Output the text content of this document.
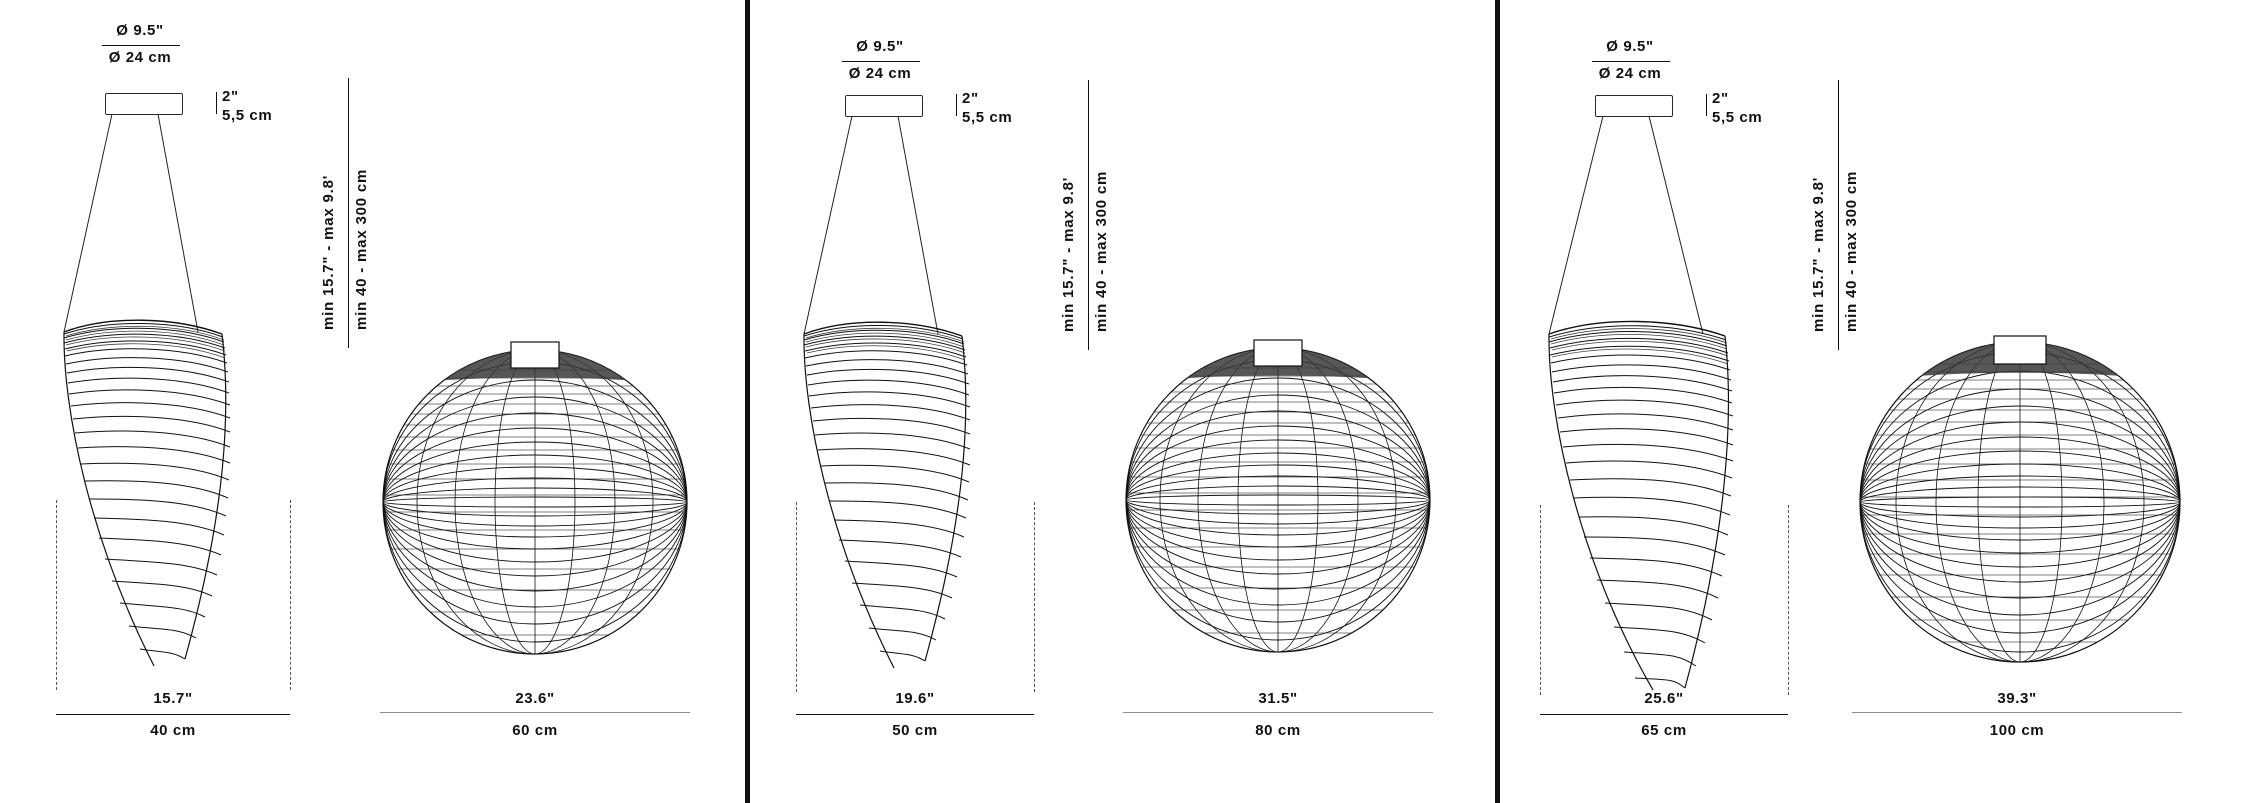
Ø 9.5"
Ø 24 cm
2"
5,5 cm
min 15.7" - max 9.8' min 40 - max 300 cm
15.7"
40 cm
23.6"
60 cm
Ø 9.5"
Ø 24 cm
2"
5,5 cm
min 15.7" - max 9.8' min 40 - max 300 cm
19.6"
50 cm
31.5"
80 cm
Ø 9.5"
Ø 24 cm
2"
5,5 cm
min 15.7" - max 9.8' min 40 - max 300 cm
25.6"
65 cm
39.3"
100 cm
